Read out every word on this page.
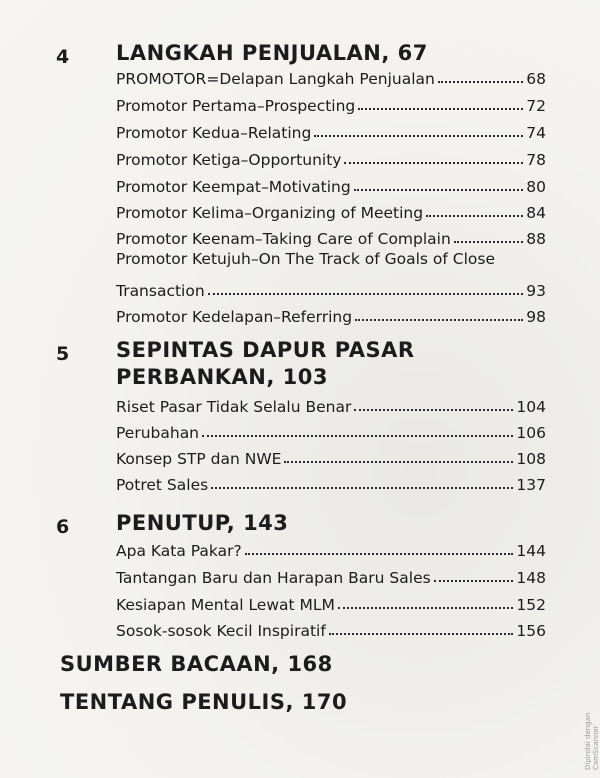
4 LANGKAH PENJUALAN, 67
PROMOTOR=Delapan Langkah Penjualan	68
Promotor Pertama–Prospecting	72
Promotor Kedua–Relating	74
Promotor Ketiga–Opportunity	78
Promotor Keempat–Motivating	80
Promotor Kelima–Organizing of Meeting	84
Promotor Keenam–Taking Care of Complain	88
Promotor Ketujuh–On The Track of Goals of Close
Transaction	93
Promotor Kedelapan–Referring	98
5 SEPINTAS DAPUR PASAR
PERBANKAN, 103
Riset Pasar Tidak Selalu Benar	104
Perubahan	106
Konsep STP dan NWE	108
Potret Sales	137
6 PENUTUP, 143
Apa Kata Pakar?	144
Tantangan Baru dan Harapan Baru Sales	148
Kesiapan Mental Lewat MLM	152
Sosok-sosok Kecil Inspiratif	156
SUMBER BACAAN, 168
TENTANG PENULIS, 170
Dipindai dengan CamScanner
